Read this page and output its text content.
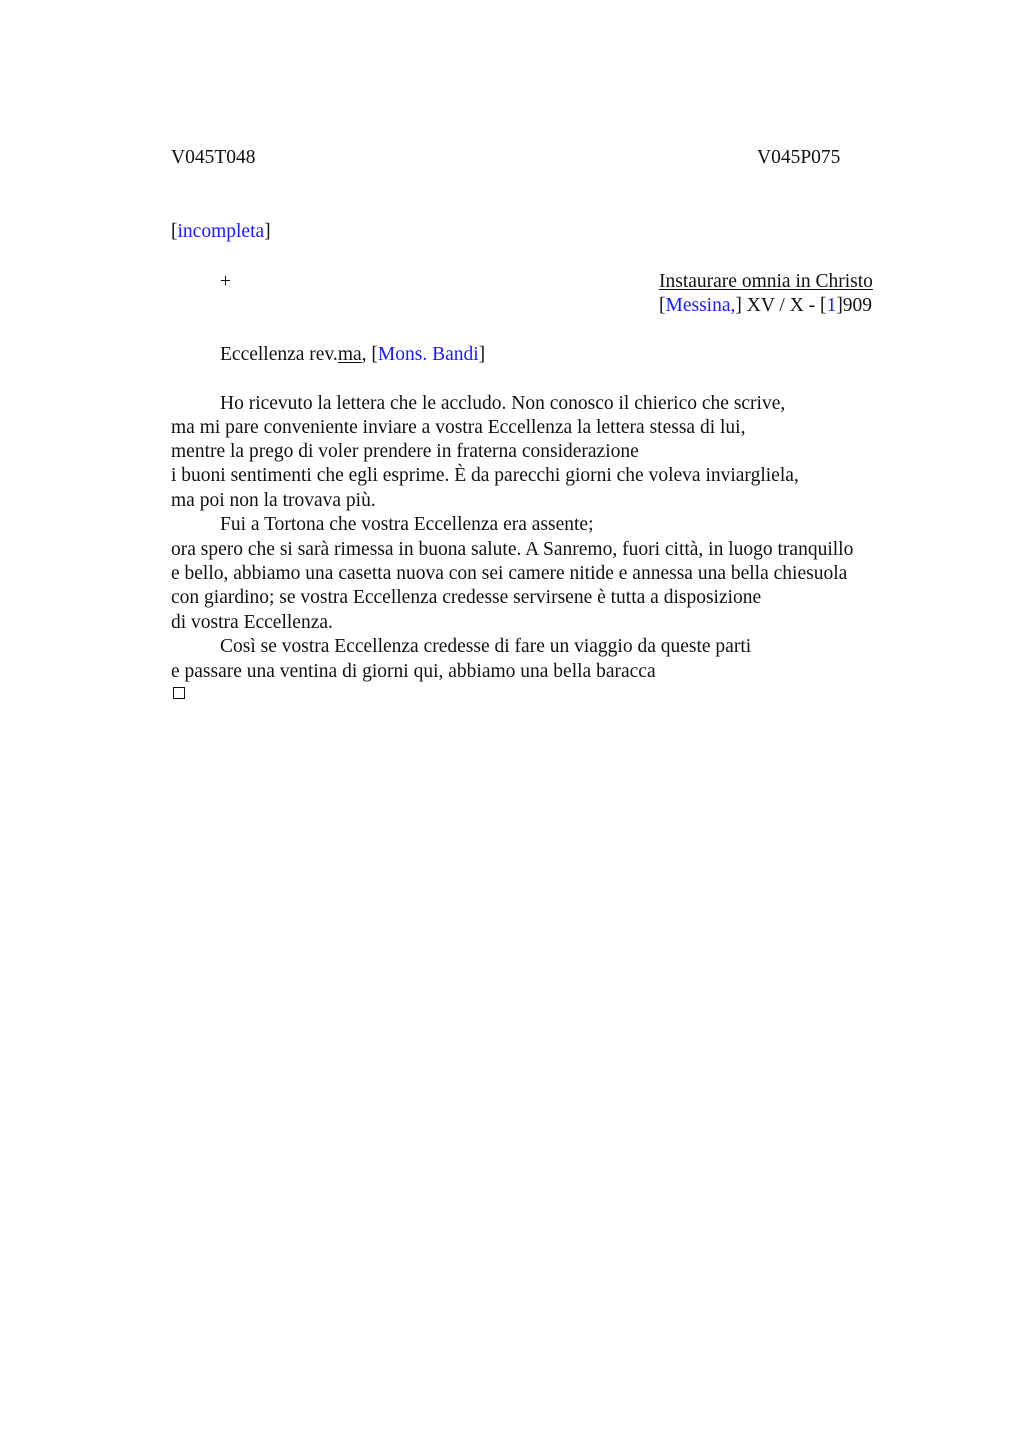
V045T048	V045P075
[incompleta]
+	Instaurare omnia in Christo
[Messina,] XV / X - [1]909
Eccellenza rev.ma, [Mons. Bandi]
Ho ricevuto la lettera che le accludo. Non conosco il chierico che scrive,
ma mi pare conveniente inviare a vostra Eccellenza la lettera stessa di lui,
mentre la prego di voler prendere in fraterna considerazione
i buoni sentimenti che egli esprime. È da parecchi giorni che voleva inviargliela,
ma poi non la trovava più.
Fui a Tortona che vostra Eccellenza era assente;
ora spero che si sarà rimessa in buona salute. A Sanremo, fuori città, in luogo tranquillo
e bello, abbiamo una casetta nuova con sei camere nitide e annessa una bella chiesuola
con giardino; se vostra Eccellenza credesse servirsene è tutta a disposizione
di vostra Eccellenza.
Così se vostra Eccellenza credesse di fare un viaggio da queste parti
e passare una ventina di giorni qui, abbiamo una bella baracca
